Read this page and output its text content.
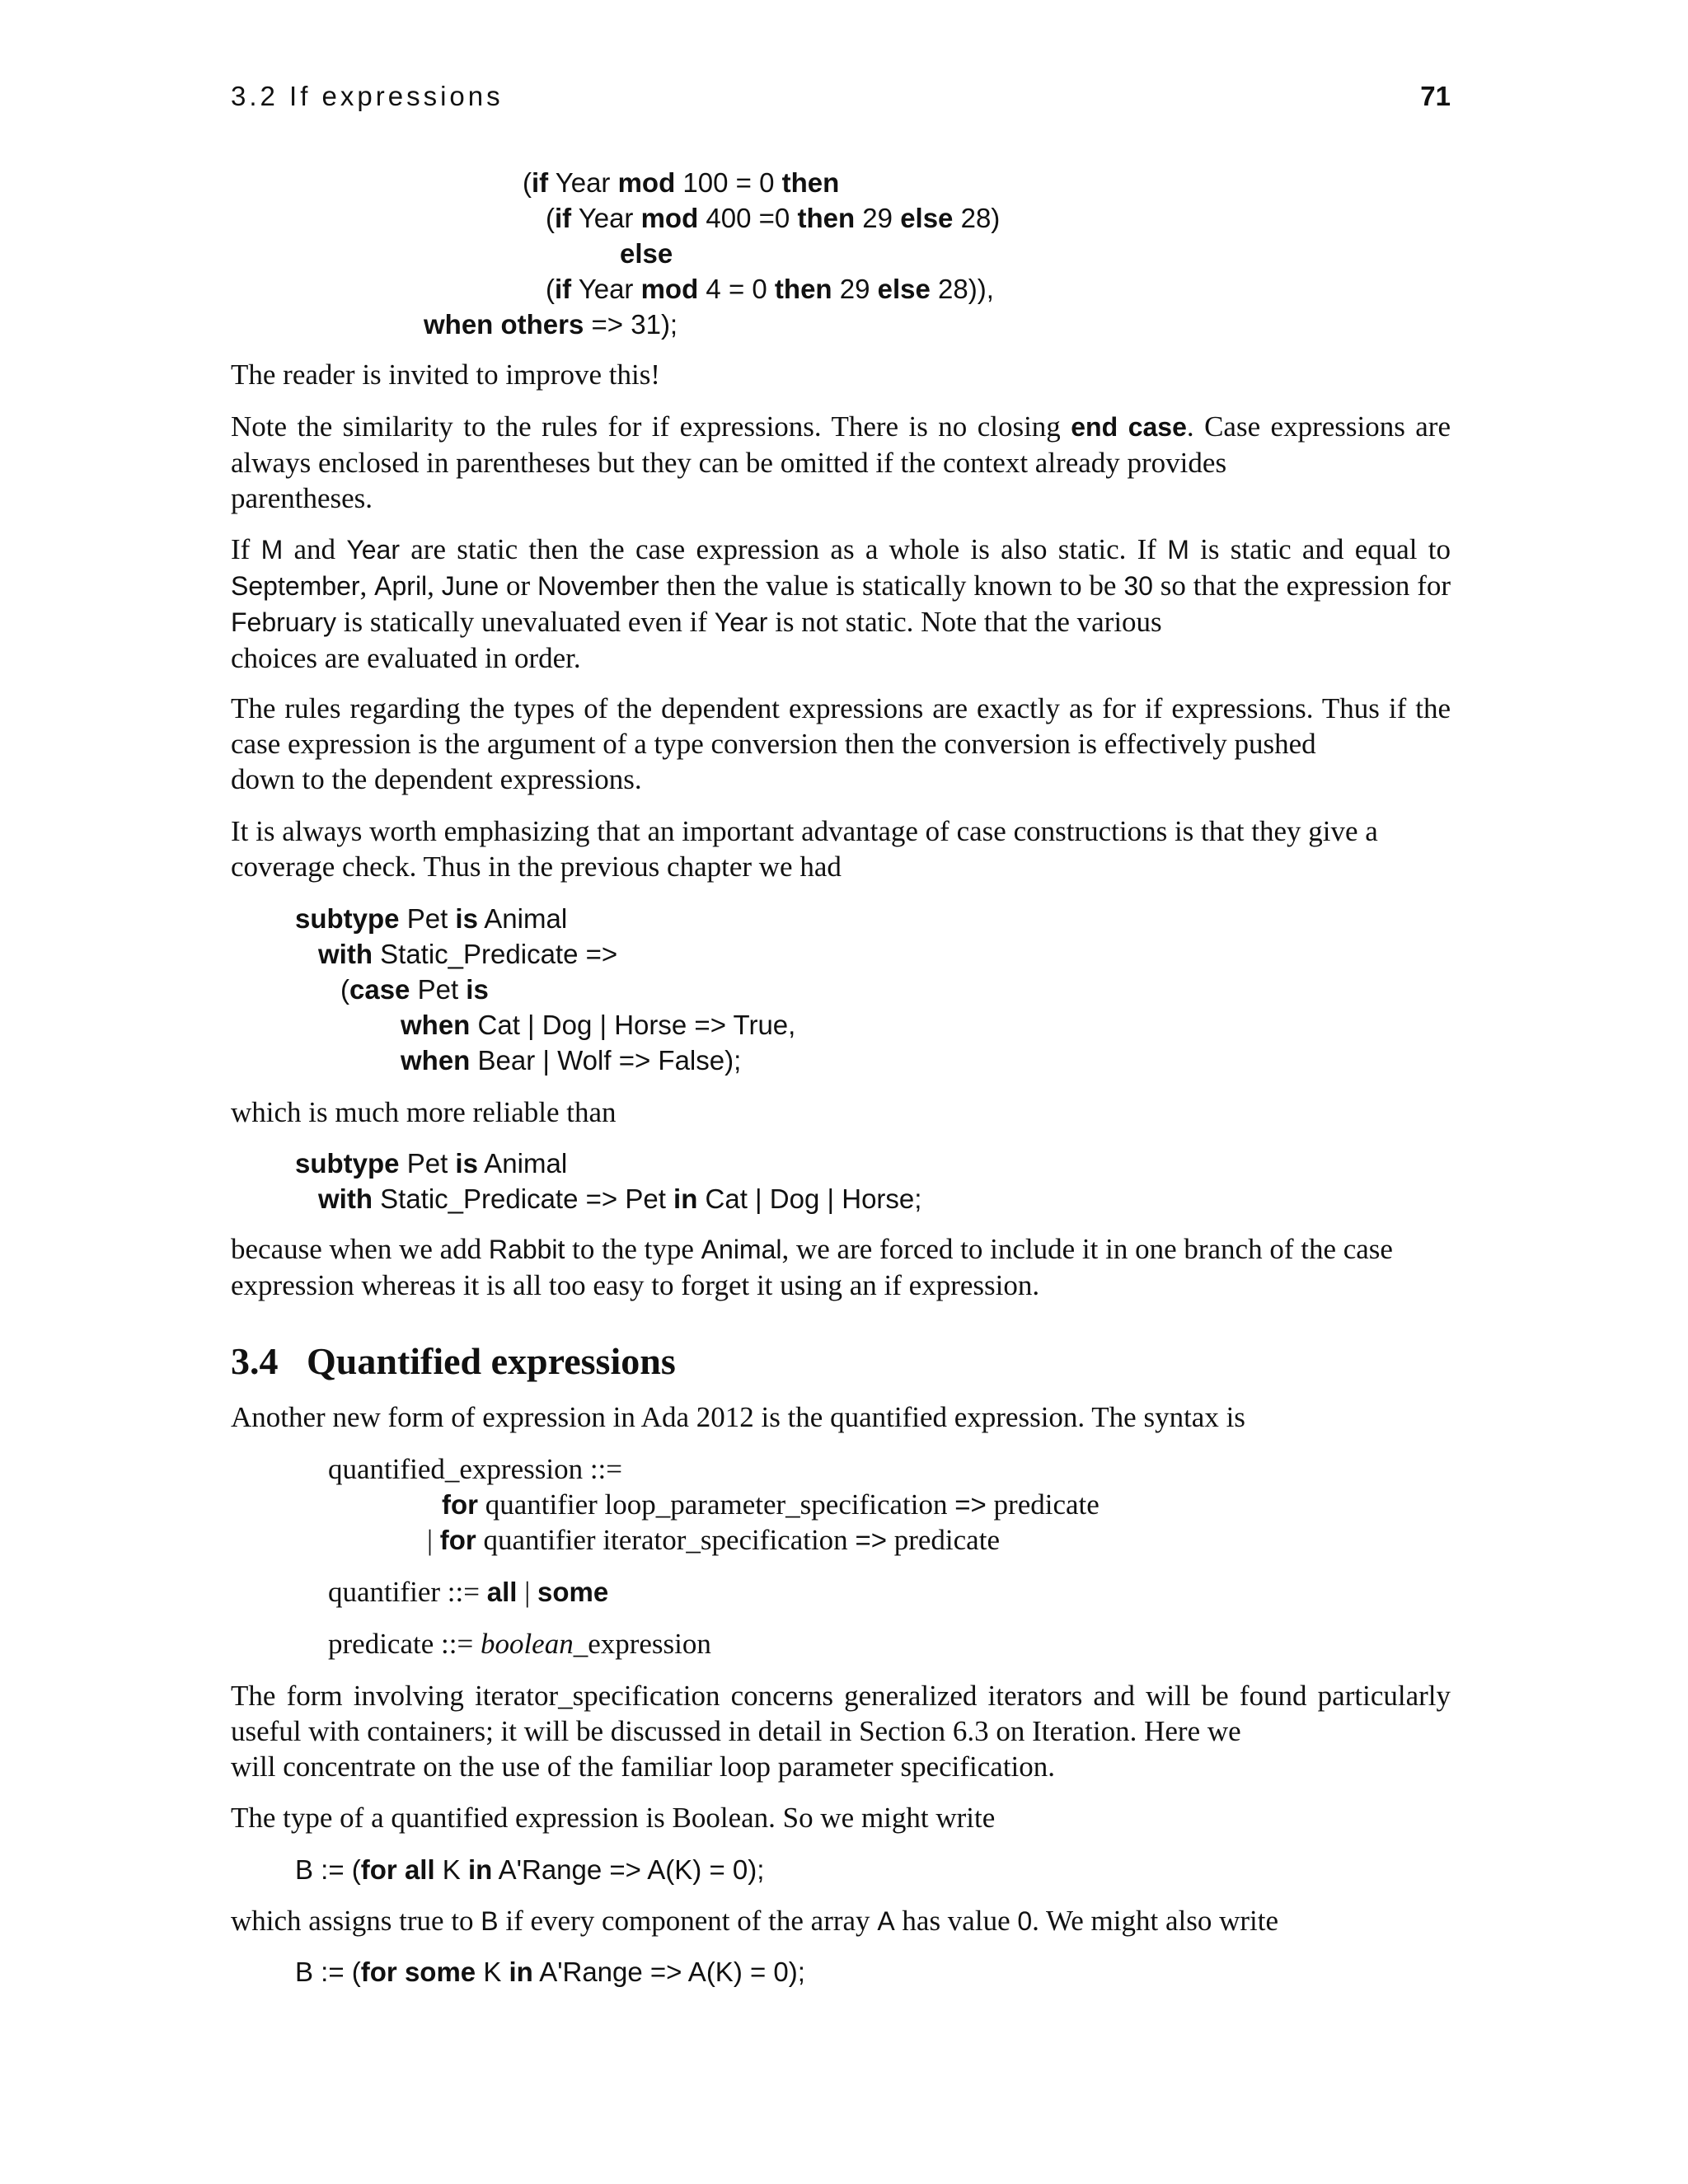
3.2 If expressions	71
(if Year mod 100 = 0 then
(if Year mod 400 =0 then 29 else 28)
else
(if Year mod 4 = 0 then 29 else 28)),
when others => 31);
The reader is invited to improve this!
Note the similarity to the rules for if expressions. There is no closing end case. Case expressions are always enclosed in parentheses but they can be omitted if the context already provides
parentheses.
If M and Year are static then the case expression as a whole is also static. If M is static and equal to September, April, June or November then the value is statically known to be 30 so that the expression for February is statically unevaluated even if Year is not static. Note that the various
choices are evaluated in order.
The rules regarding the types of the dependent expressions are exactly as for if expressions. Thus if the case expression is the argument of a type conversion then the conversion is effectively pushed
down to the dependent expressions.
It is always worth emphasizing that an important advantage of case constructions is that they give a
coverage check. Thus in the previous chapter we had
subtype Pet is Animal
with Static_Predicate =>
(case Pet is
when Cat | Dog | Horse => True,
when Bear | Wolf => False);
which is much more reliable than
subtype Pet is Animal
with Static_Predicate => Pet in Cat | Dog | Horse;
because when we add Rabbit to the type Animal, we are forced to include it in one branch of the case
expression whereas it is all too easy to forget it using an if expression.
3.4   Quantified expressions
Another new form of expression in Ada 2012 is the quantified expression. The syntax is
quantified_expression ::=
for quantifier loop_parameter_specification => predicate
| for quantifier iterator_specification => predicate
quantifier ::= all | some
predicate ::= boolean_expression
The form involving iterator_specification concerns generalized iterators and will be found particularly useful with containers; it will be discussed in detail in Section 6.3 on Iteration. Here we
will concentrate on the use of the familiar loop parameter specification.
The type of a quantified expression is Boolean. So we might write
B := (for all K in A'Range => A(K) = 0);
which assigns true to B if every component of the array A has value 0. We might also write
B := (for some K in A'Range => A(K) = 0);
